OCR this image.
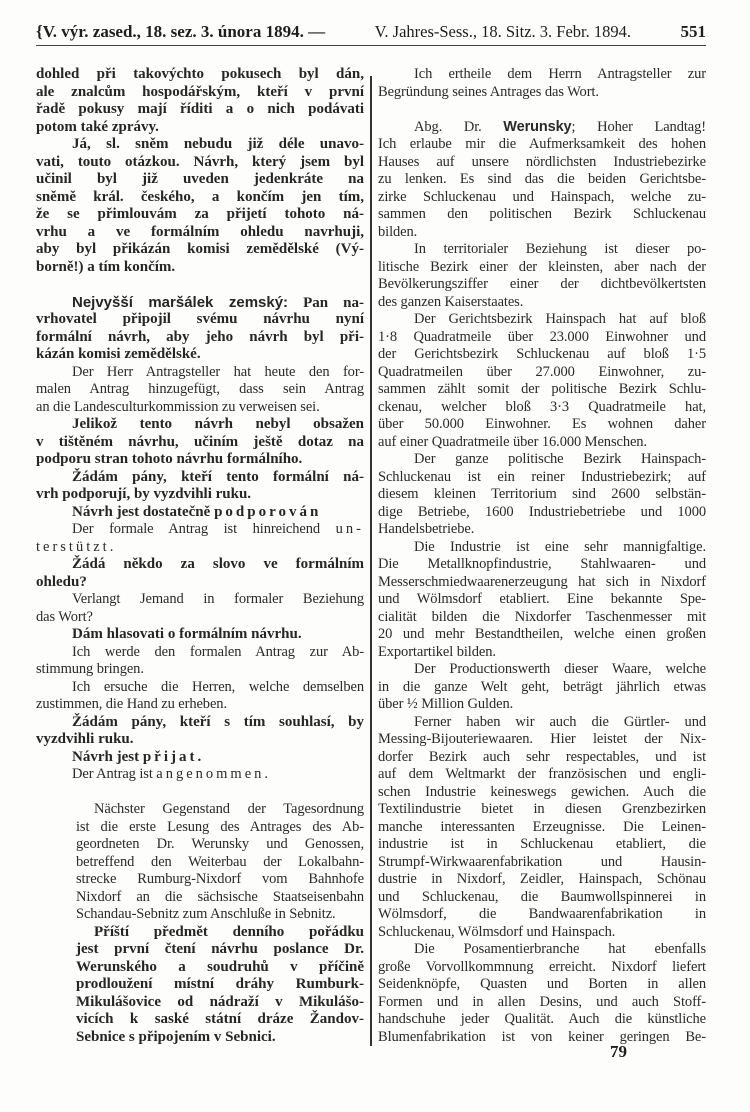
{V. výr. zased., 18. sez. 3. února 1894. —	V. Jahres-Sess., 18. Sitz. 3. Febr. 1894.	551
dohled při takovýchto pokusech byl dán,
ale znalcům hospodářským, kteří v první
řadě pokusy mají říditi a o nich podávati
potom také zprávy.
Já, sl. sněm nebudu již déle unavo-
vati, touto otázkou. Návrh, který jsem byl
učinil byl již uveden jedenkráte na
sněmě král. českého, a končím jen tím,
že se přimlouvám za přijetí tohoto ná-
vrhu a ve formálním ohledu navrhuji,
aby byl přikázán komisi zemědělské (Vý-
borně!) a tím končím.
Nejvyšší maršálek zemský: Pan na-
vrhovatel připojil svému návrhu nyní
formální návrh, aby jeho návrh byl při-
kázán komisi zemědělské.
Der Herr Antragsteller hat heute den for-
malen Antrag hinzugefügt, dass sein Antrag
an die Landesculturkommission zu verweisen sei.
Jelikož tento návrh nebyl obsažen
v tištěném návrhu, učiním ještě dotaz na
podporu stran tohoto návrhu formálního.
Žádám pány, kteří tento formální ná-
vrh podporují, by vyzdvihli ruku.
Návrh jest dostatečně podporován
Der formale Antrag ist hinreichend un-
terstützt.
Žádá někdo za slovo ve formálním
ohledu?
Verlangt Jemand in formaler Beziehung
das Wort?
Dám hlasovati o formálním návrhu.
Ich werde den formalen Antrag zur Ab-
stimmung bringen.
Ich ersuche die Herren, welche demselben
zustimmen, die Hand zu erheben.
Žádám pány, kteří s tím souhlasí, by
vyzdvihli ruku.
Návrh jest přijat.
Der Antrag ist angenommen.
Nächster Gegenstand der Tagesordnung
ist die erste Lesung des Antrages des Ab-
geordneten Dr. Werunsky und Genossen,
betreffend den Weiterbau der Lokalbahn-
strecke Rumburg-Nixdorf vom Bahnhofe
Nixdorf an die sächsische Staatseisenbahn
Schandau-Sebnitz zum Anschluße in Sebnitz.
Příští předmět denního pořádku
jest první čtení návrhu poslance Dr.
Werunského a soudruhů v příčině
prodloužení místní dráhy Rumburk-
Mikulášovice od nádraží v Mikulášo-
vicích k saské státní dráze Žandov-
Sebnice s připojením v Sebnici.
Ich ertheile dem Herrn Antragsteller zur
Begründung seines Antrages das Wort.
Abg. Dr. Werunsky; Hoher Landtag!
Ich erlaube mir die Aufmerksamkeit des hohen
Hauses auf unsere nördlichsten Industriebezirke
zu lenken. Es sind das die beiden Gerichtsbe-
zirke Schluckenau und Hainspach, welche zu-
sammen den politischen Bezirk Schluckenau
bilden.
In territorialer Beziehung ist dieser po-
litische Bezirk einer der kleinsten, aber nach der
Bevölkerungsziffer einer der dichtbevölkertsten
des ganzen Kaiserstaates.
Der Gerichtsbezirk Hainspach hat auf bloß
1·8 Quadratmeile über 23.000 Einwohner und
der Gerichtsbezirk Schluckenau auf bloß 1·5
Quadratmeilen über 27.000 Einwohner, zu-
sammen zählt somit der politische Bezirk Schlu-
ckenau, welcher bloß 3·3 Quadratmeile hat,
über 50.000 Einwohner. Es wohnen daher
auf einer Quadratmeile über 16.000 Menschen.
Der ganze politische Bezirk Hainspach-
Schluckenau ist ein reiner Industriebezirk; auf
diesem kleinen Territorium sind 2600 selbstän-
dige Betriebe, 1600 Industriebetriebe und 1000
Handelsbetriebe.
Die Industrie ist eine sehr mannigfaltige.
Die Metallknopfindustrie, Stahlwaaren- und
Messerschmiedwaarenerzeugung hat sich in Nixdorf
und Wölmsdorf etabliert. Eine bekannte Spe-
cialität bilden die Nixdorfer Taschenmesser mit
20 und mehr Bestandtheilen, welche einen großen
Exportartikel bilden.
Der Productionswerth dieser Waare, welche
in die ganze Welt geht, beträgt jährlich etwas
über ½ Million Gulden.
Ferner haben wir auch die Gürtler- und
Messing-Bijouteriewaaren. Hier leistet der Nix-
dorfer Bezirk auch sehr respectables, und ist
auf dem Weltmarkt der französischen und engli-
schen Industrie keineswegs gewichen. Auch die
Textilindustrie bietet in diesen Grenzbezirken
manche interessanten Erzeugnisse. Die Leinen-
industrie ist in Schluckenau etabliert, die
Strumpf-Wirkwaarenfabrikation und Hausin-
dustrie in Nixdorf, Zeidler, Hainspach, Schönau
und Schluckenau, die Baumwollspinnerei in
Wölmsdorf, die Bandwaarenfabrikation in
Schluckenau, Wölmsdorf und Hainspach.
Die Posamentierbranche hat ebenfalls
große Vorvollkommnung erreicht. Nixdorf liefert
Seidenknöpfe, Quasten und Borten in allen
Formen und in allen Desins, und auch Stoff-
handschuhe jeder Qualität. Auch die künstliche
Blumenfabrikation ist von keiner geringen Be-
79
